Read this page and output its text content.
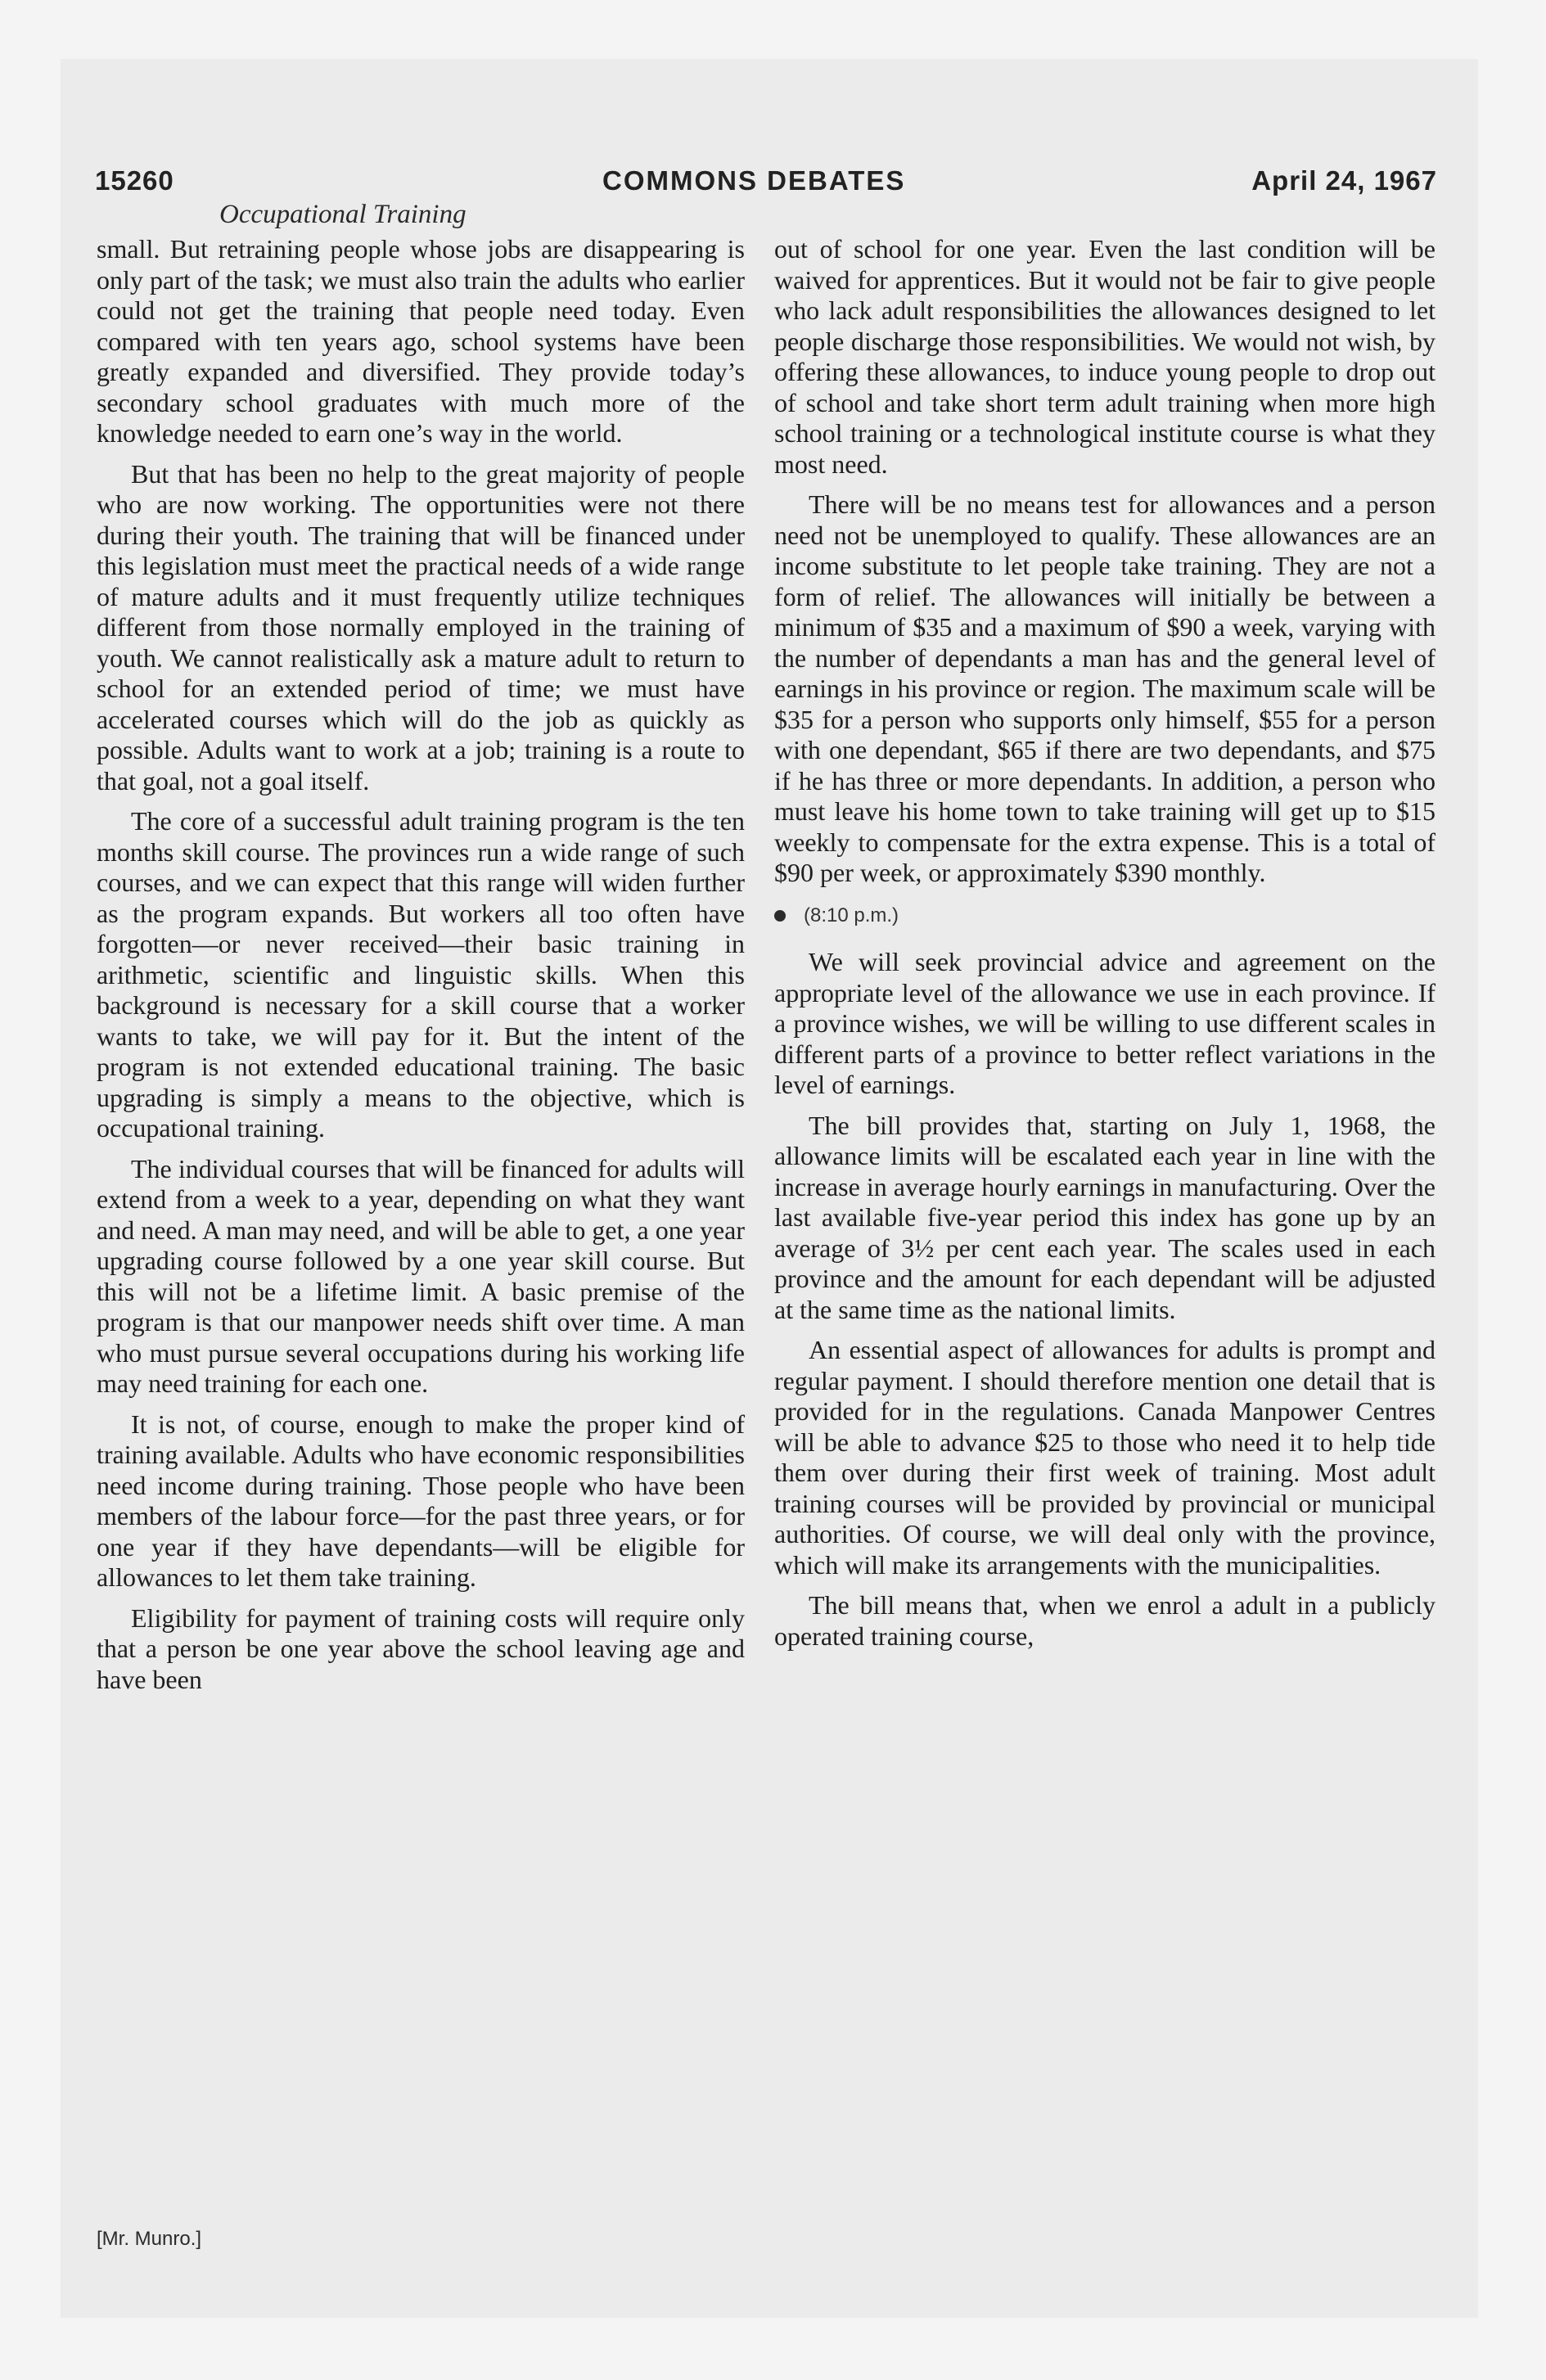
15260	COMMONS DEBATES	April 24, 1967
Occupational Training

small. But retraining people whose jobs are disappearing is only part of the task; we must also train the adults who earlier could not get the training that people need today. Even compared with ten years ago, school systems have been greatly expanded and diversified. They provide today’s secondary school graduates with much more of the knowledge needed to earn one’s way in the world.

But that has been no help to the great majority of people who are now working. The opportunities were not there during their youth. The training that will be financed under this legislation must meet the practical needs of a wide range of mature adults and it must frequently utilize techniques different from those normally employed in the training of youth. We cannot realistically ask a mature adult to return to school for an extended period of time; we must have accelerated courses which will do the job as quickly as possible. Adults want to work at a job; training is a route to that goal, not a goal itself.

The core of a successful adult training program is the ten months skill course. The provinces run a wide range of such courses, and we can expect that this range will widen further as the program expands. But workers all too often have forgotten—or never received—their basic training in arithmetic, scientific and linguistic skills. When this background is necessary for a skill course that a worker wants to take, we will pay for it. But the intent of the program is not extended educational training. The basic upgrading is simply a means to the objective, which is occupational training.

The individual courses that will be financed for adults will extend from a week to a year, depending on what they want and need. A man may need, and will be able to get, a one year upgrading course followed by a one year skill course. But this will not be a lifetime limit. A basic premise of the program is that our manpower needs shift over time. A man who must pursue several occupations during his working life may need training for each one.

It is not, of course, enough to make the proper kind of training available. Adults who have economic responsibilities need income during training. Those people who have been members of the labour force—for the past three years, or for one year if they have dependants—will be eligible for allowances to let them take training.

Eligibility for payment of training costs will require only that a person be one year above the school leaving age and have been

out of school for one year. Even the last condition will be waived for apprentices. But it would not be fair to give people who lack adult responsibilities the allowances designed to let people discharge those responsibilities. We would not wish, by offering these allowances, to induce young people to drop out of school and take short term adult training when more high school training or a technological institute course is what they most need.

There will be no means test for allowances and a person need not be unemployed to qualify. These allowances are an income substitute to let people take training. They are not a form of relief. The allowances will initially be between a minimum of $35 and a maximum of $90 a week, varying with the number of dependants a man has and the general level of earnings in his province or region. The maximum scale will be $35 for a person who supports only himself, $55 for a person with one dependant, $65 if there are two dependants, and $75 if he has three or more dependants. In addition, a person who must leave his home town to take training will get up to $15 weekly to compensate for the extra expense. This is a total of $90 per week, or approximately $390 monthly.

(8:10 p.m.)

We will seek provincial advice and agreement on the appropriate level of the allowance we use in each province. If a province wishes, we will be willing to use different scales in different parts of a province to better reflect variations in the level of earnings.

The bill provides that, starting on July 1, 1968, the allowance limits will be escalated each year in line with the increase in average hourly earnings in manufacturing. Over the last available five-year period this index has gone up by an average of 3½ per cent each year. The scales used in each province and the amount for each dependant will be adjusted at the same time as the national limits.

An essential aspect of allowances for adults is prompt and regular payment. I should therefore mention one detail that is provided for in the regulations. Canada Manpower Centres will be able to advance $25 to those who need it to help tide them over during their first week of training. Most adult training courses will be provided by provincial or municipal authorities. Of course, we will deal only with the province, which will make its arrangements with the municipalities.

The bill means that, when we enrol a adult in a publicly operated training course,

[Mr. Munro.]
